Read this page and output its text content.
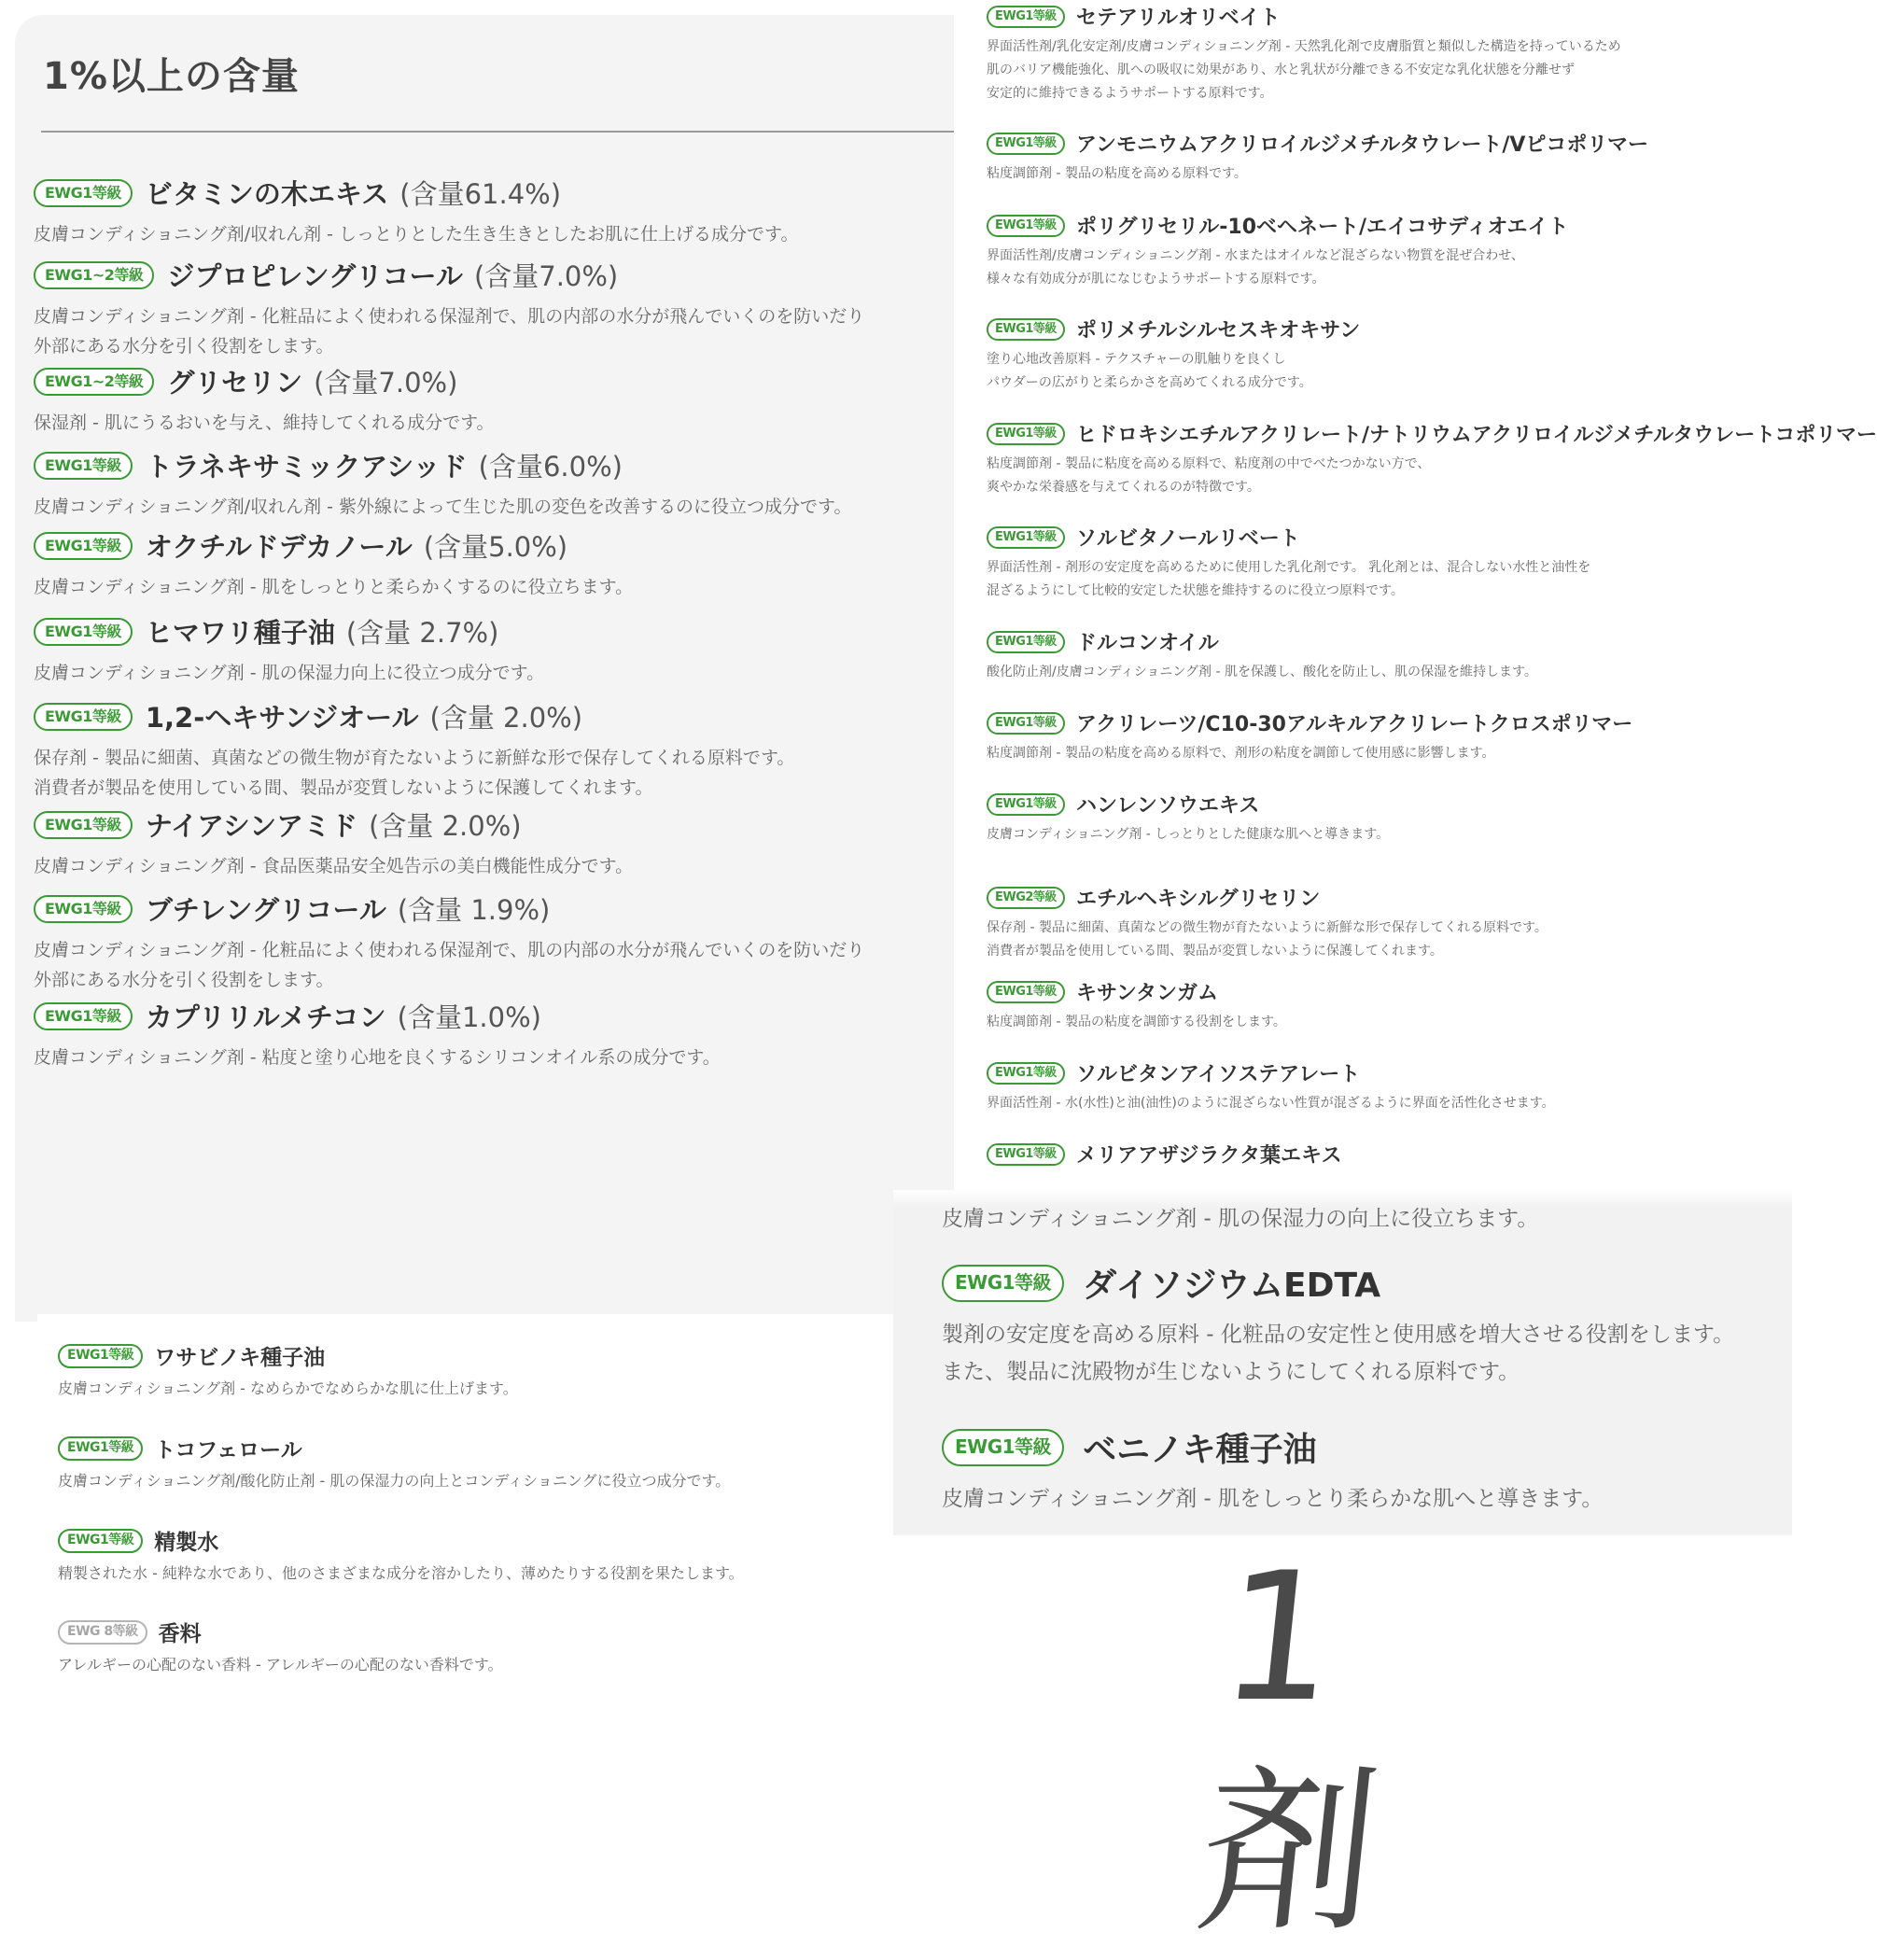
1%以上の含量
EWG1等級 ビタミンの木エキス (含量61.4%)
皮膚コンディショニング剤/収れん剤 - しっとりとした生き生きとしたお肌に仕上げる成分です。
EWG1~2等級 ジプロピレングリコール (含量7.0%)
皮膚コンディショニング剤 - 化粧品によく使われる保湿剤で、肌の内部の水分が飛んでいくのを防いだり
外部にある水分を引く役割をします。
EWG1~2等級 グリセリン (含量7.0%)
保湿剤 - 肌にうるおいを与え、維持してくれる成分です。
EWG1等級 トラネキサミックアシッド (含量6.0%)
皮膚コンディショニング剤/収れん剤 - 紫外線によって生じた肌の変色を改善するのに役立つ成分です。
EWG1等級 オクチルドデカノール (含量5.0%)
皮膚コンディショニング剤 - 肌をしっとりと柔らかくするのに役立ちます。
EWG1等級 ヒマワリ種子油 (含量 2.7%)
皮膚コンディショニング剤 - 肌の保湿力向上に役立つ成分です。
EWG1等級 1,2-ヘキサンジオール (含量 2.0%)
保存剤 - 製品に細菌、真菌などの微生物が育たないように新鮮な形で保存してくれる原料です。
消費者が製品を使用している間、製品が変質しないように保護してくれます。
EWG1等級 ナイアシンアミド (含量 2.0%)
皮膚コンディショニング剤 - 食品医薬品安全処告示の美白機能性成分です。
EWG1等級 ブチレングリコール (含量 1.9%)
皮膚コンディショニング剤 - 化粧品によく使われる保湿剤で、肌の内部の水分が飛んでいくのを防いだり
外部にある水分を引く役割をします。
EWG1等級 カプリリルメチコン (含量1.0%)
皮膚コンディショニング剤 - 粘度と塗り心地を良くするシリコンオイル系の成分です。
EWG1等級 セテアリルオリベイト
界面活性剤/乳化安定剤/皮膚コンディショニング剤 - 天然乳化剤で皮膚脂質と類似した構造を持っているため
肌のバリア機能強化、肌への吸収に効果があり、水と乳状が分離できる不安定な乳化状態を分離せず
安定的に維持できるようサポートする原料です。
EWG1等級 アンモニウムアクリロイルジメチルタウレート/Vピコポリマー
粘度調節剤 - 製品の粘度を高める原料です。
EWG1等級 ポリグリセリル-10ベヘネート/エイコサディオエイト
界面活性剤/皮膚コンディショニング剤 - 水またはオイルなど混ざらない物質を混ぜ合わせ、
様々な有効成分が肌になじむようサポートする原料です。
EWG1等級 ポリメチルシルセスキオキサン
塗り心地改善原料 - テクスチャーの肌触りを良くし
パウダーの広がりと柔らかさを高めてくれる成分です。
EWG1等級 ヒドロキシエチルアクリレート/ナトリウムアクリロイルジメチルタウレートコポリマー
粘度調節剤 - 製品に粘度を高める原料で、粘度剤の中でべたつかない方で、
爽やかな栄養感を与えてくれるのが特徴です。
EWG1等級 ソルビタノールリベート
界面活性剤 - 剤形の安定度を高めるために使用した乳化剤です。 乳化剤とは、混合しない水性と油性を
混ざるようにして比較的安定した状態を維持するのに役立つ原料です。
EWG1等級 ドルコンオイル
酸化防止剤/皮膚コンディショニング剤 - 肌を保護し、酸化を防止し、肌の保湿を維持します。
EWG1等級 アクリレーツ/C10-30アルキルアクリレートクロスポリマー
粘度調節剤 - 製品の粘度を高める原料で、剤形の粘度を調節して使用感に影響します。
EWG1等級 ハンレンソウエキス
皮膚コンディショニング剤 - しっとりとした健康な肌へと導きます。
EWG2等級 エチルヘキシルグリセリン
保存剤 - 製品に細菌、真菌などの微生物が育たないように新鮮な形で保存してくれる原料です。
消費者が製品を使用している間、製品が変質しないように保護してくれます。
EWG1等級 キサンタンガム
粘度調節剤 - 製品の粘度を調節する役割をします。
EWG1等級 ソルビタンアイソステアレート
界面活性剤 - 水(水性)と油(油性)のように混ざらない性質が混ざるように界面を活性化させます。
EWG1等級 メリアアザジラクタ葉エキス
EWG1等級 ワサビノキ種子油
皮膚コンディショニング剤 - なめらかでなめらかな肌に仕上げます。
EWG1等級 トコフェロール
皮膚コンディショニング剤/酸化防止剤 - 肌の保湿力の向上とコンディショニングに役立つ成分です。
EWG1等級 精製水
精製された水 - 純粋な水であり、他のさまざまな成分を溶かしたり、薄めたりする役割を果たします。
EWG 8等級 香料
アレルギーの心配のない香料 - アレルギーの心配のない香料です。
皮膚コンディショニング剤 - 肌の保湿力の向上に役立ちます。
EWG1等級 ダイソジウムEDTA
製剤の安定度を高める原料 - 化粧品の安定性と使用感を増大させる役割をします。
また、製品に沈殿物が生じないようにしてくれる原料です。
EWG1等級 ベニノキ種子油
皮膚コンディショニング剤 - 肌をしっとり柔らかな肌へと導きます。
1剤
